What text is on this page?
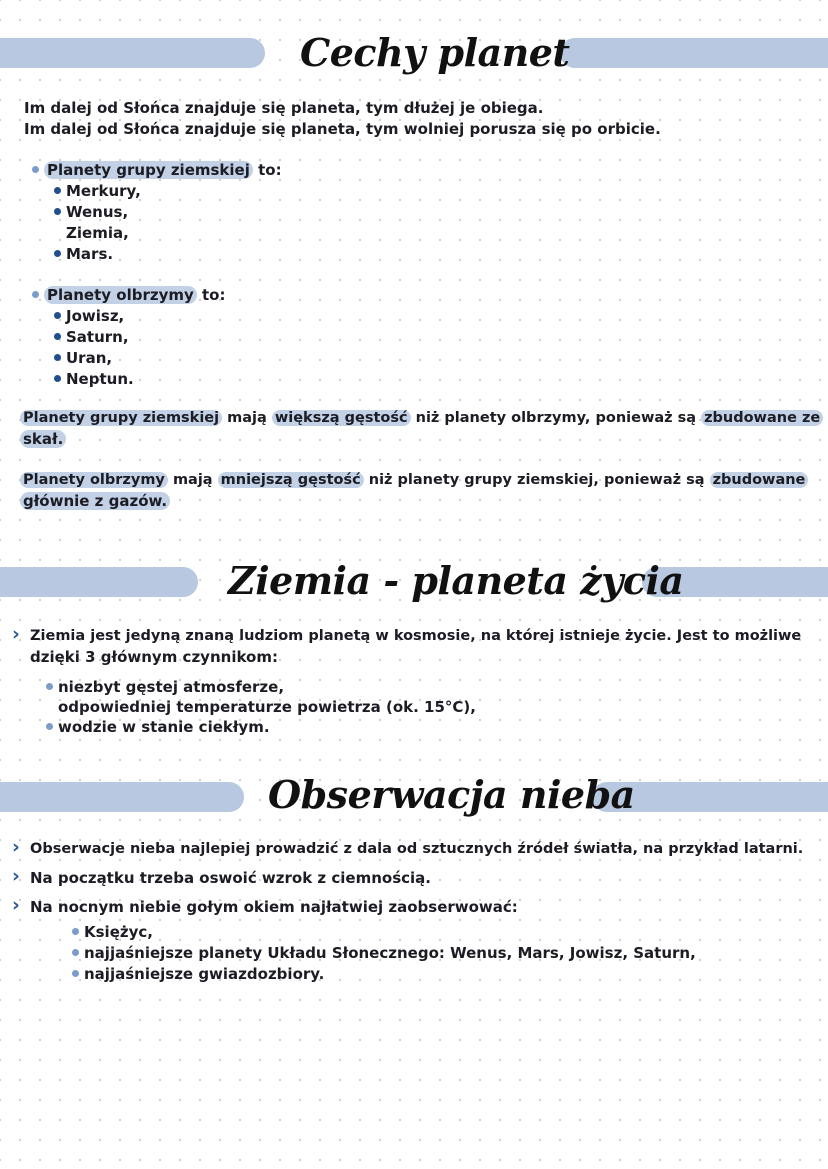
Cechy planet
Im dalej od Słońca znajduje się planeta, tym dłużej je obiega.
Im dalej od Słońca znajduje się planeta, tym wolniej porusza się po orbicie.
Planety grupy ziemskiej to:
Merkury,
Wenus,
Ziemia,
Mars.
Planety olbrzymy to:
Jowisz,
Saturn,
Uran,
Neptun.
Planety grupy ziemskiej mają większą gęstość niż planety olbrzymy, ponieważ są zbudowane ze
skał.
Planety olbrzymy mają mniejszą gęstość niż planety grupy ziemskiej, ponieważ są zbudowane
głównie z gazów.
Ziemia - planeta życia
› Ziemia jest jedyną znaną ludziom planetą w kosmosie, na której istnieje życie. Jest to możliwe
dzięki 3 głównym czynnikom:
niezbyt gęstej atmosferze,
odpowiedniej temperaturze powietrza (ok. 15°C),
wodzie w stanie ciekłym.
Obserwacja nieba
› Obserwacje nieba najlepiej prowadzić z dala od sztucznych źródeł światła, na przykład latarni.
› Na początku trzeba oswoić wzrok z ciemnością.
› Na nocnym niebie gołym okiem najłatwiej zaobserwować:
Księżyc,
najjaśniejsze planety Układu Słonecznego: Wenus, Mars, Jowisz, Saturn,
najjaśniejsze gwiazdozbiory.
